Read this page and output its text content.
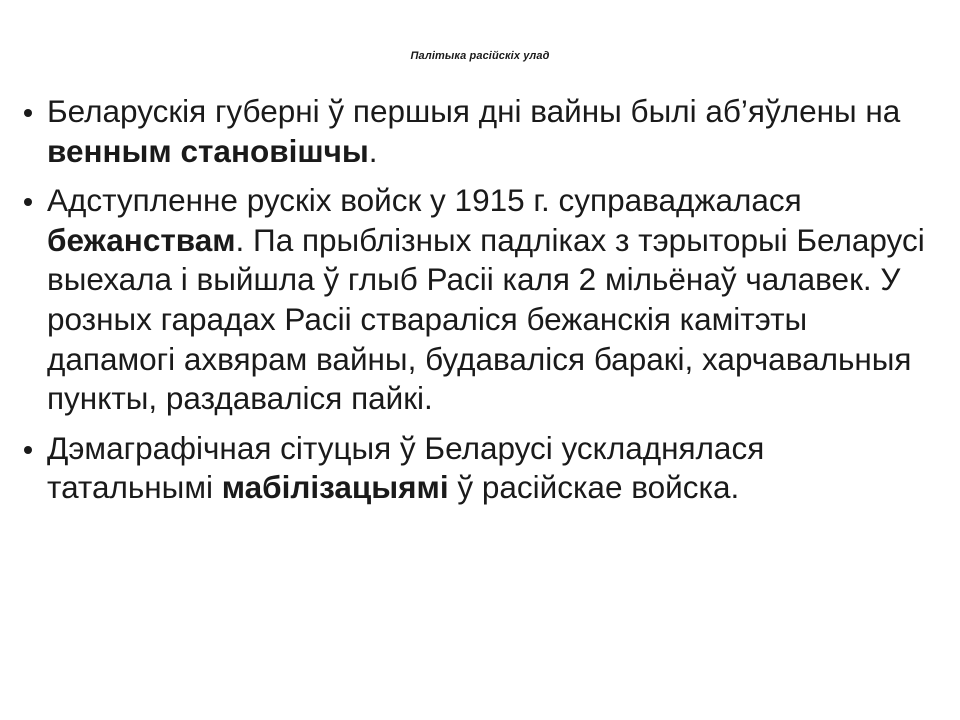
Палітыка расійскіх улад
Беларускія губерні ў першыя дні вайны былі аб’яўлены на венным становішчы.
Адступленне рускіх войск у 1915 г. суправаджалася бежанствам. Па прыблізных падліках з тэрыторыі Беларусі выехала і выйшла ў глыб Расіі каля 2 мільёнаў чалавек. У розных гарадах Расіі ствараліся бежанскія камітэты дапамогі ахвярам вайны, будаваліся баракі, харчавальныя пункты, раздаваліся пайкі.
Дэмаграфічная сітуцыя ў Беларусі ускладнялася татальнымі мабілізацыямі ў расійскае войска.
